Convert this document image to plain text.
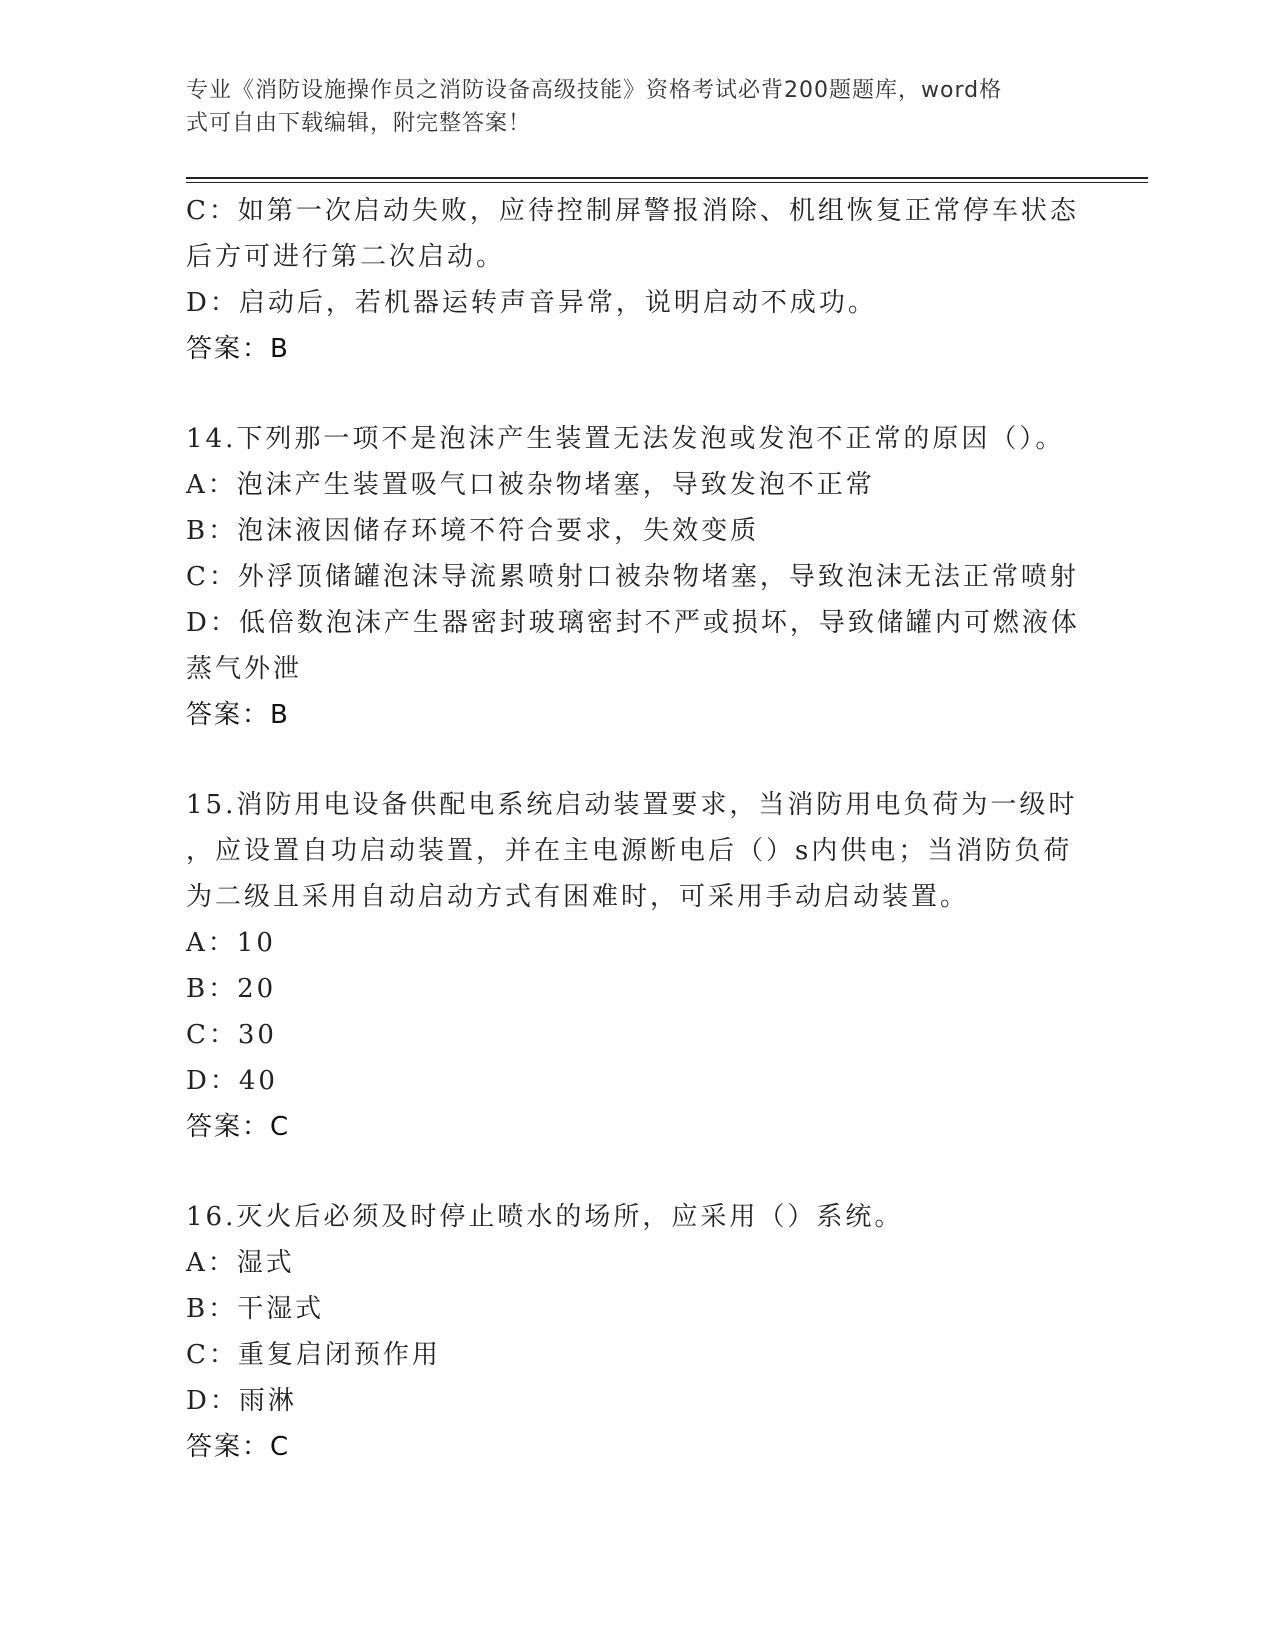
专业《消防设施操作员之消防设备高级技能》资格考试必背200题题库，word格
式可自由下载编辑，附完整答案！
C：如第一次启动失败，应待控制屏警报消除、机组恢复正常停车状态
后方可进行第二次启动。
D：启动后，若机器运转声音异常，说明启动不成功。
答案：B
14.下列那一项不是泡沫产生装置无法发泡或发泡不正常的原因（）。
A：泡沫产生装置吸气口被杂物堵塞，导致发泡不正常
B：泡沫液因储存环境不符合要求，失效变质
C：外浮顶储罐泡沫导流累喷射口被杂物堵塞，导致泡沫无法正常喷射
D：低倍数泡沫产生器密封玻璃密封不严或损坏，导致储罐内可燃液体
蒸气外泄
答案：B
15.消防用电设备供配电系统启动装置要求，当消防用电负荷为一级时
，应设置自功启动装置，并在主电源断电后（）s内供电；当消防负荷
为二级且采用自动启动方式有困难时，可采用手动启动装置。
A：10
B：20
C：30
D：40
答案：C
16.灭火后必须及时停止喷水的场所，应采用（）系统。
A：湿式
B：干湿式
C：重复启闭预作用
D：雨淋
答案：C
